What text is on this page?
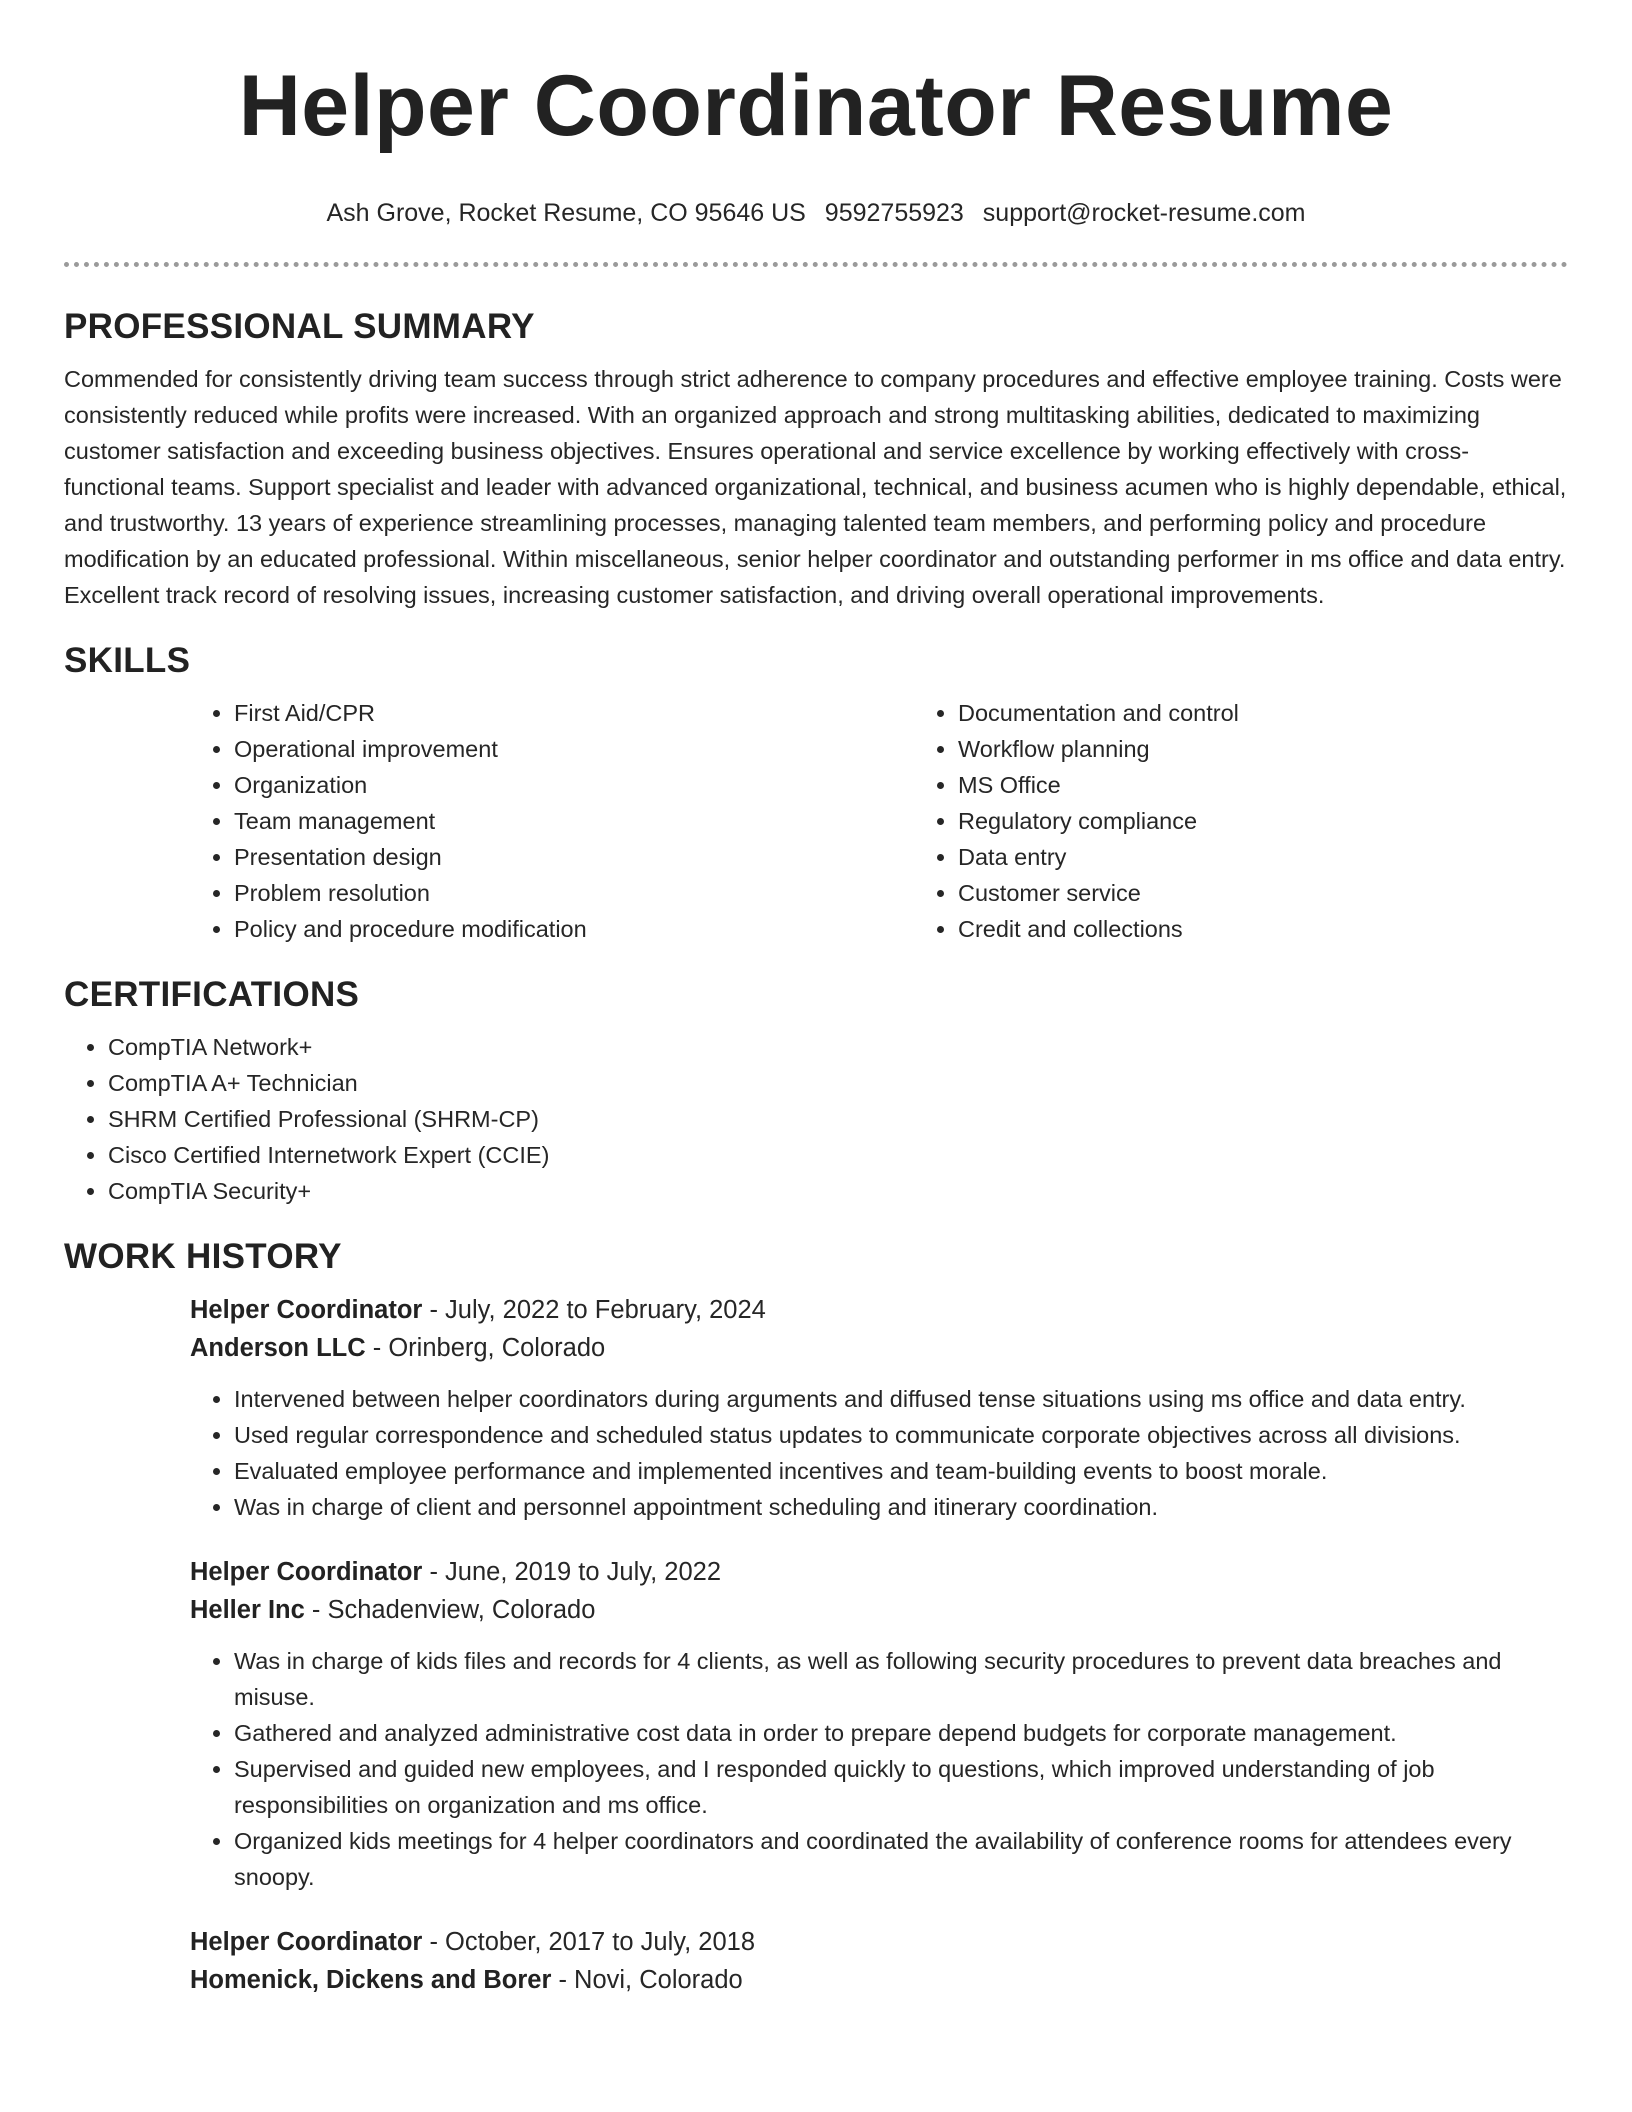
Helper Coordinator Resume
Ash Grove, Rocket Resume, CO 95646 US 9592755923 support@rocket-resume.com
PROFESSIONAL SUMMARY

Commended for consistently driving team success through strict adherence to company procedures and effective employee training. Costs were consistently reduced while profits were increased. With an organized approach and strong multitasking abilities, dedicated to maximizing customer satisfaction and exceeding business objectives. Ensures operational and service excellence by working effectively with cross-functional teams. Support specialist and leader with advanced organizational, technical, and business acumen who is highly dependable, ethical, and trustworthy. 13 years of experience streamlining processes, managing talented team members, and performing policy and procedure modification by an educated professional. Within miscellaneous, senior helper coordinator and outstanding performer in ms office and data entry. Excellent track record of resolving issues, increasing customer satisfaction, and driving overall operational improvements.

SKILLS
• First Aid/CPR
• Operational improvement
• Organization
• Team management
• Presentation design
• Problem resolution
• Policy and procedure modification
• Documentation and control
• Workflow planning
• MS Office
• Regulatory compliance
• Data entry
• Customer service
• Credit and collections
CERTIFICATIONS
• CompTIA Network+
• CompTIA A+ Technician
• SHRM Certified Professional (SHRM-CP)
• Cisco Certified Internetwork Expert (CCIE)
• CompTIA Security+
WORK HISTORY
Helper Coordinator - July, 2022 to February, 2024
Anderson LLC - Orinberg, Colorado
• Intervened between helper coordinators during arguments and diffused tense situations using ms office and data entry.
• Used regular correspondence and scheduled status updates to communicate corporate objectives across all divisions.
• Evaluated employee performance and implemented incentives and team-building events to boost morale.
• Was in charge of client and personnel appointment scheduling and itinerary coordination.
Helper Coordinator - June, 2019 to July, 2022
Heller Inc - Schadenview, Colorado
• Was in charge of kids files and records for 4 clients, as well as following security procedures to prevent data breaches and misuse.
• Gathered and analyzed administrative cost data in order to prepare depend budgets for corporate management.
• Supervised and guided new employees, and I responded quickly to questions, which improved understanding of job responsibilities on organization and ms office.
• Organized kids meetings for 4 helper coordinators and coordinated the availability of conference rooms for attendees every snoopy.
Helper Coordinator - October, 2017 to July, 2018
Homenick, Dickens and Borer - Novi, Colorado
